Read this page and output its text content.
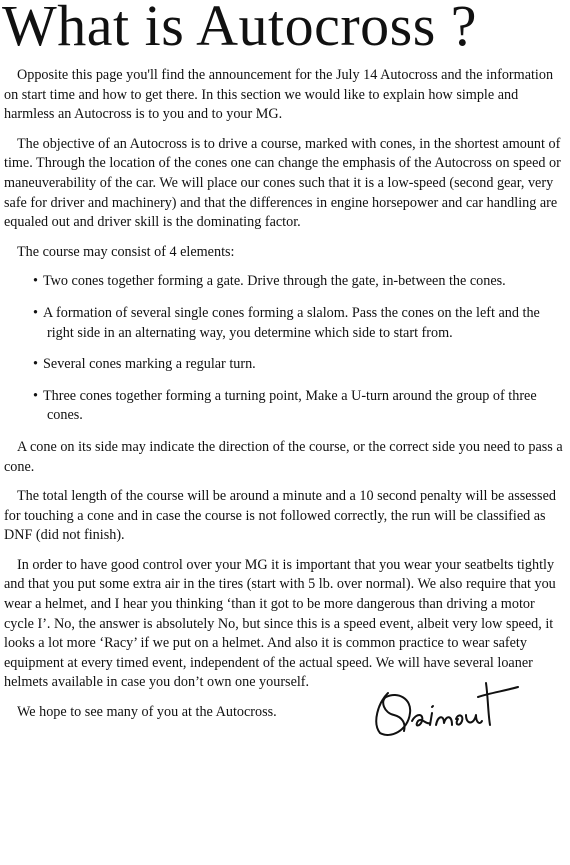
What is Autocross ?

Opposite this page you'll find the announcement for the July 14 Autocross and the information on start time and how to get there. In this section we would like to explain how simple and harmless an Autocross is to you and to your MG.

The objective of an Autocross is to drive a course, marked with cones, in the shortest amount of time. Through the location of the cones one can change the emphasis of the Autocross on speed or maneuverability of the car. We will place our cones such that it is a low-speed (second gear, very safe for driver and machinery) and that the differences in engine horsepower and car handling are equaled out and driver skill is the dominating factor.

The course may consist of 4 elements:

• Two cones together forming a gate. Drive through the gate, in-between the cones.
• A formation of several single cones forming a slalom. Pass the cones on the left and the right side in an alternating way, you determine which side to start from.
• Several cones marking a regular turn.
• Three cones together forming a turning point, Make a U-turn around the group of three cones.

A cone on its side may indicate the direction of the course, or the correct side you need to pass a cone.

The total length of the course will be around a minute and a 10 second penalty will be assessed for touching a cone and in case the course is not followed correctly, the run will be classified as DNF (did not finish).

In order to have good control over your MG it is important that you wear your seatbelts tightly and that you put some extra air in the tires (start with 5 lb. over normal). We also require that you wear a helmet, and I hear you thinking ‘than it got to be more dangerous than driving a motor cycle I’. No, the answer is absolutely No, but since this is a speed event, albeit very low speed, it looks a lot more ‘Racy’ if we put on a helmet. And also it is common practice to wear safety equipment at every timed event, independent of the actual speed. We will have several loaner helmets available in case you don’t own one yourself.

We hope to see many of you at the Autocross.
